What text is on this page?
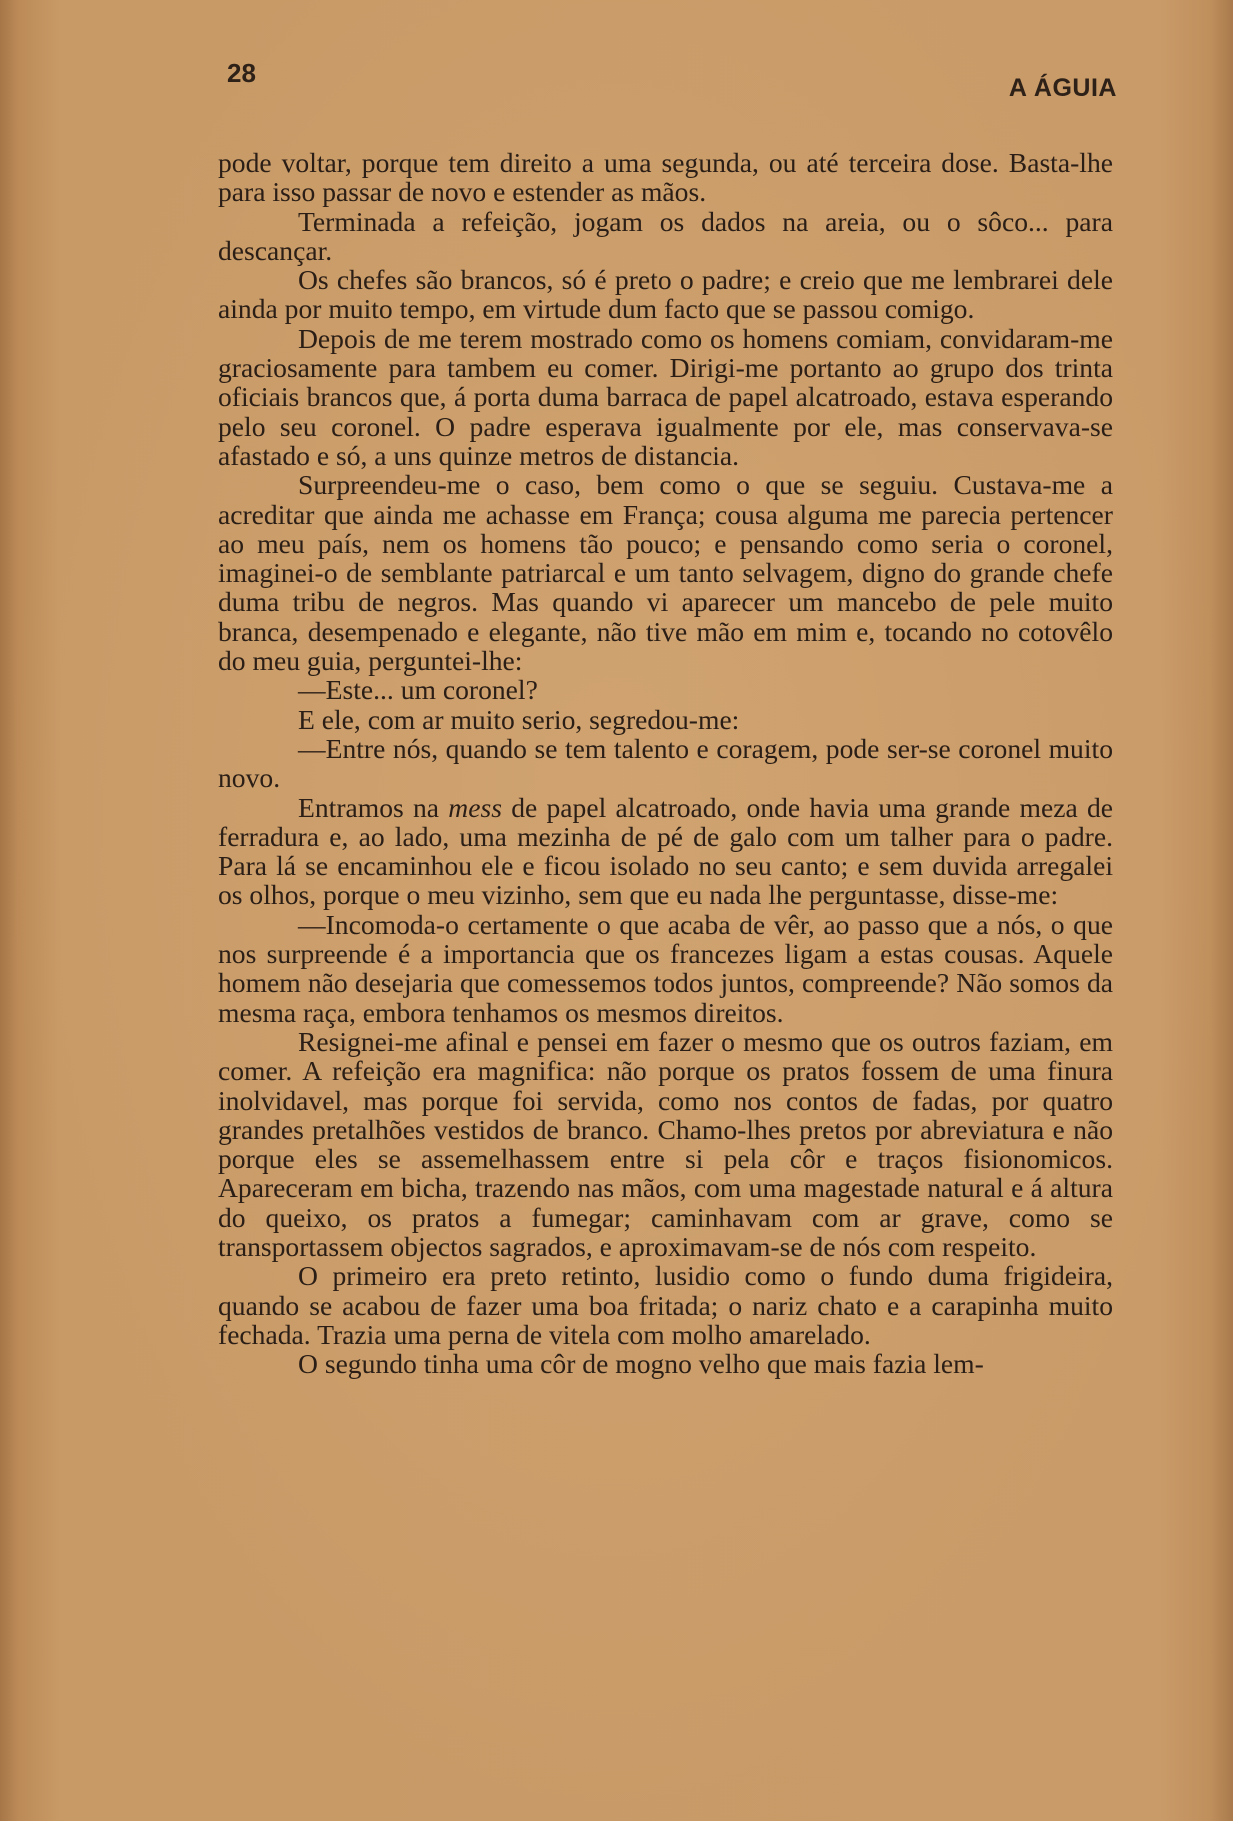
28	A ÁGUIA

pode voltar, porque tem direito a uma segunda, ou até terceira dose. Basta-lhe para isso passar de novo e estender as mãos.

Terminada a refeição, jogam os dados na areia, ou o sôco... para descançar.

Os chefes são brancos, só é preto o padre; e creio que me lembrarei dele ainda por muito tempo, em virtude dum facto que se passou comigo.

Depois de me terem mostrado como os homens comiam, convidaram-me graciosamente para tambem eu comer. Dirigi-me portanto ao grupo dos trinta oficiais brancos que, á porta duma barraca de papel alcatroado, estava esperando pelo seu coronel. O padre esperava igualmente por ele, mas conservava-se afastado e só, a uns quinze metros de distancia.

Surpreendeu-me o caso, bem como o que se seguiu. Custava-me a acreditar que ainda me achasse em França; cousa alguma me parecia pertencer ao meu país, nem os homens tão pouco; e pensando como seria o coronel, imaginei-o de semblante patriarcal e um tanto selvagem, digno do grande chefe duma tribu de negros. Mas quando vi aparecer um mancebo de pele muito branca, desempenado e elegante, não tive mão em mim e, tocando no cotovêlo do meu guia, perguntei-lhe:

—Este... um coronel?

E ele, com ar muito serio, segredou-me:

—Entre nós, quando se tem talento e coragem, pode ser-se coronel muito novo.

Entramos na mess de papel alcatroado, onde havia uma grande meza de ferradura e, ao lado, uma mezinha de pé de galo com um talher para o padre. Para lá se encaminhou ele e ficou isolado no seu canto; e sem duvida arregalei os olhos, porque o meu vizinho, sem que eu nada lhe perguntasse, disse-me:

—Incomoda-o certamente o que acaba de vêr, ao passo que a nós, o que nos surpreende é a importancia que os francezes ligam a estas cousas. Aquele homem não desejaria que comessemos todos juntos, compreende? Não somos da mesma raça, embora tenhamos os mesmos direitos.

Resignei-me afinal e pensei em fazer o mesmo que os outros faziam, em comer. A refeição era magnifica: não porque os pratos fossem de uma finura inolvidavel, mas porque foi servida, como nos contos de fadas, por quatro grandes pretalhões vestidos de branco. Chamo-lhes pretos por abreviatura e não porque eles se assemelhassem entre si pela côr e traços fisionomicos. Apareceram em bicha, trazendo nas mãos, com uma magestade natural e á altura do queixo, os pratos a fumegar; caminhavam com ar grave, como se transportassem objectos sagrados, e aproximavam-se de nós com respeito.

O primeiro era preto retinto, lusidio como o fundo duma frigideira, quando se acabou de fazer uma boa fritada; o nariz chato e a carapinha muito fechada. Trazia uma perna de vitela com molho amarelado.

O segundo tinha uma côr de mogno velho que mais fazia lem-
